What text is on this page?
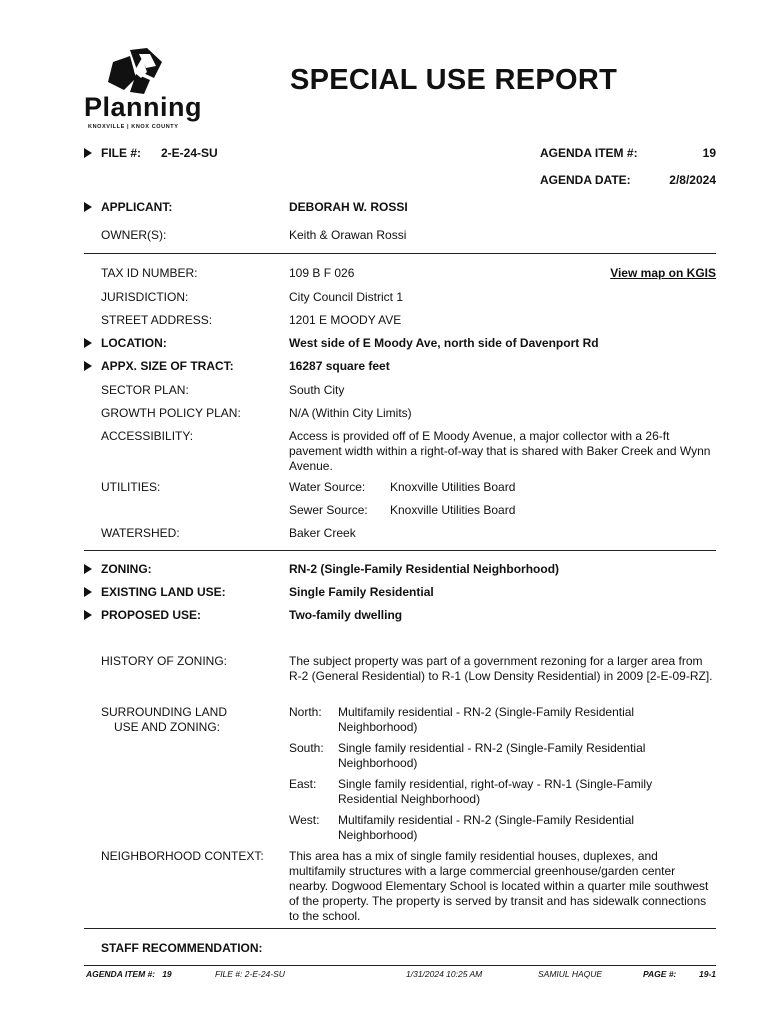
Planning
KNOXVILLE | KNOX COUNTY
SPECIAL USE REPORT
FILE #: 2-E-24-SU	AGENDA ITEM #:	19
AGENDA DATE:	2/8/2024
APPLICANT:	DEBORAH W. ROSSI
OWNER(S):	Keith & Orawan Rossi
TAX ID NUMBER:	109 B F 026	View map on KGIS
JURISDICTION:	City Council District 1
STREET ADDRESS:	1201 E MOODY AVE
LOCATION:	West side of E Moody Ave, north side of Davenport Rd
APPX. SIZE OF TRACT:	16287 square feet
SECTOR PLAN:	South City
GROWTH POLICY PLAN:	N/A (Within City Limits)
ACCESSIBILITY:	Access is provided off of E Moody Avenue, a major collector with a 26-ft pavement width within a right-of-way that is shared with Baker Creek and Wynn Avenue.
UTILITIES:	Water Source: Knoxville Utilities Board
Sewer Source: Knoxville Utilities Board
WATERSHED:	Baker Creek
ZONING:	RN-2 (Single-Family Residential Neighborhood)
EXISTING LAND USE:	Single Family Residential
PROPOSED USE:	Two-family dwelling
HISTORY OF ZONING:	The subject property was part of a government rezoning for a larger area from R-2 (General Residential) to R-1 (Low Density Residential) in 2009 [2-E-09-RZ].
SURROUNDING LAND
USE AND ZONING:
North: Multifamily residential - RN-2 (Single-Family Residential Neighborhood)
South: Single family residential - RN-2 (Single-Family Residential Neighborhood)
East: Single family residential, right-of-way - RN-1 (Single-Family Residential Neighborhood)
West: Multifamily residential - RN-2 (Single-Family Residential Neighborhood)
NEIGHBORHOOD CONTEXT: This area has a mix of single family residential houses, duplexes, and multifamily structures with a large commercial greenhouse/garden center nearby. Dogwood Elementary School is located within a quarter mile southwest of the property. The property is served by transit and has sidewalk connections to the school.
STAFF RECOMMENDATION:
AGENDA ITEM #:   19	FILE #: 2-E-24-SU	1/31/2024 10:25 AM	SAMIUL HAQUE	PAGE #:	19-1
